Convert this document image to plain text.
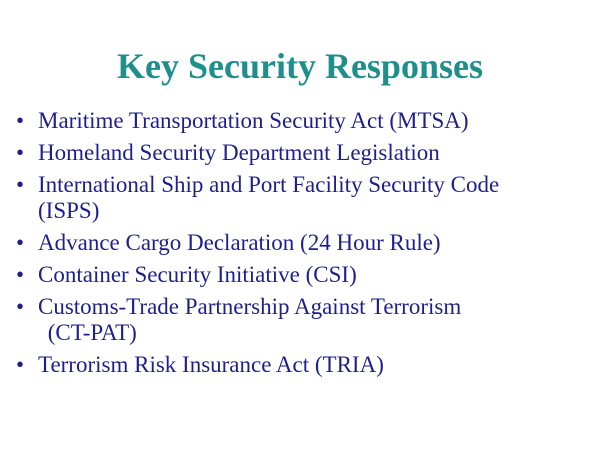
Key Security Responses
• Maritime Transportation Security Act (MTSA)
• Homeland Security Department Legislation
• International Ship and Port Facility Security Code
(ISPS)
• Advance Cargo Declaration (24 Hour Rule)
• Container Security Initiative (CSI)
• Customs-Trade Partnership Against Terrorism
(CT-PAT)
• Terrorism Risk Insurance Act (TRIA)
